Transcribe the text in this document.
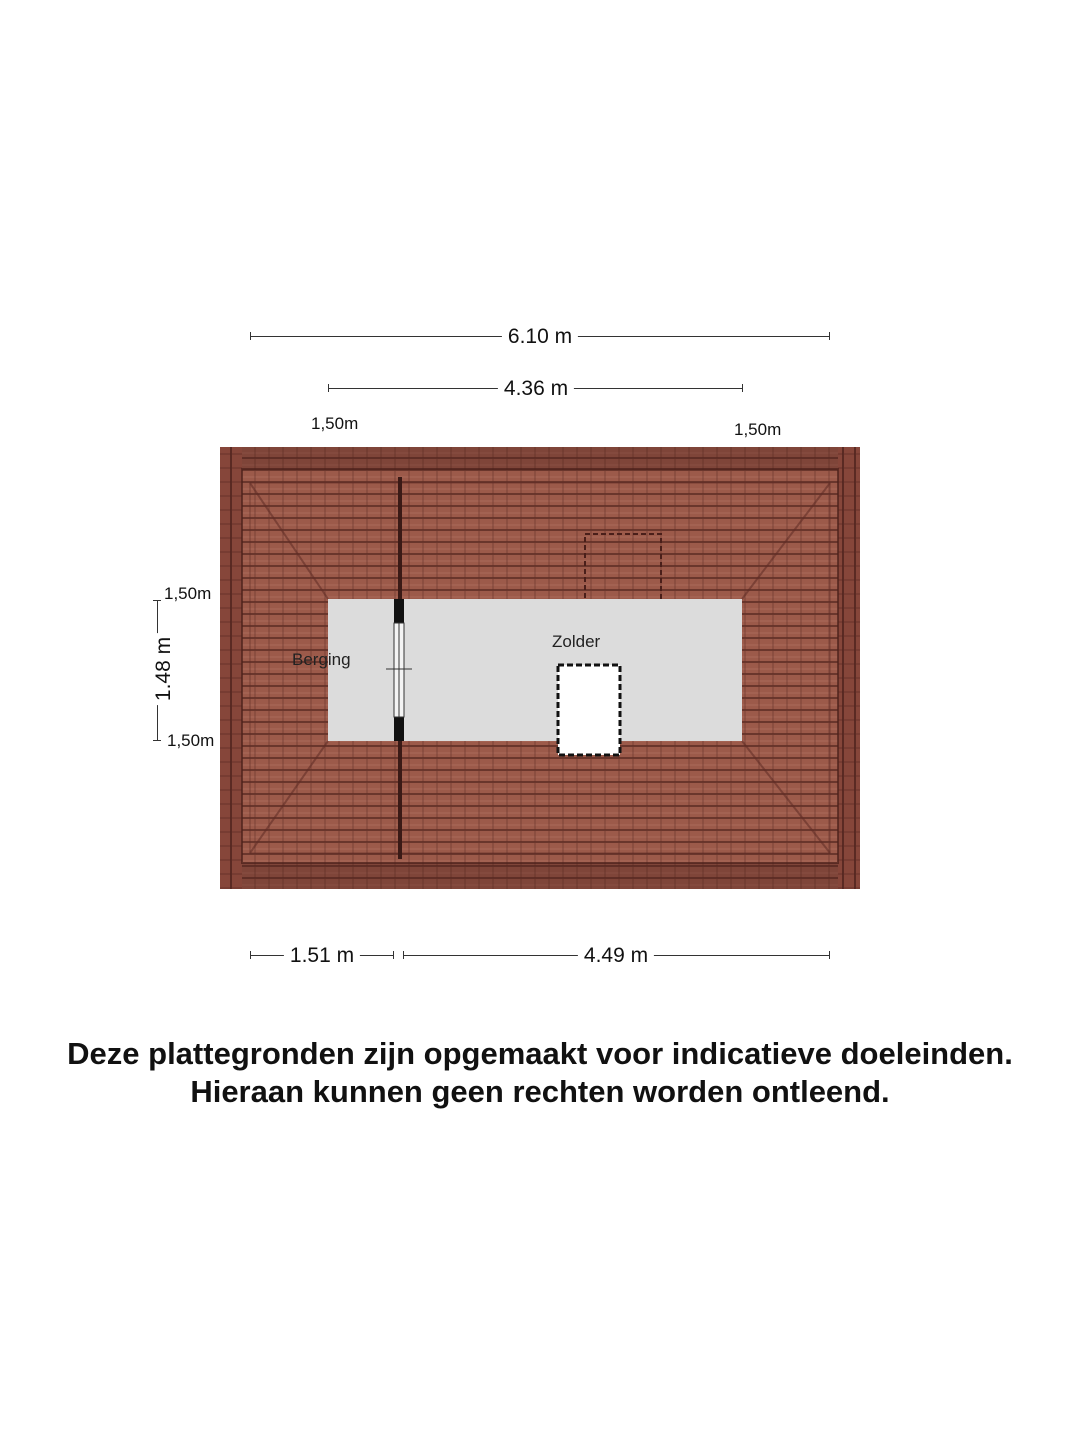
6.10 m
4.36 m
1,50m	1,50m
1.48 m
1,50m
1,50m
Berging
Zolder
1.51 m	4.49 m
Deze plattegronden zijn opgemaakt voor indicatieve doeleinden.
Hieraan kunnen geen rechten worden ontleend.
